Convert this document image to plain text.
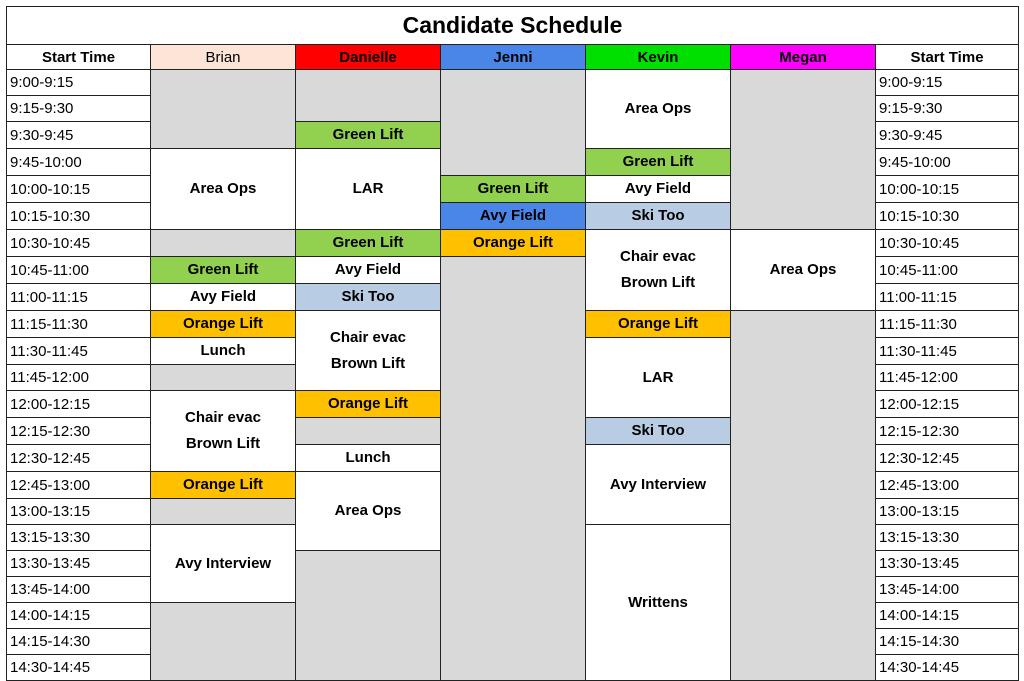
Candidate Schedule						
Start Time	Brian	Danielle	Jenni	Kevin	Megan	Start Time
9:00-9:15				Area Ops		9:00-9:15
9:15-9:30						9:15-9:30
9:30-9:45		Green Lift				9:30-9:45
9:45-10:00	Area Ops	LAR		Green Lift		9:45-10:00
10:00-10:15			Green Lift	Avy Field		10:00-10:15
10:15-10:30			Avy Field	Ski Too		10:15-10:30
10:30-10:45		Green Lift	Orange Lift	Chair evac Brown Lift	Area Ops	10:30-10:45
10:45-11:00	Green Lift	Avy Field				10:45-11:00
11:00-11:15	Avy Field	Ski Too				11:00-11:15
11:15-11:30	Orange Lift	Chair evac Brown Lift		Orange Lift		11:15-11:30
11:30-11:45	Lunch			LAR		11:30-11:45
11:45-12:00						11:45-12:00
12:00-12:15	Chair evac Brown Lift	Orange Lift				12:00-12:15
12:15-12:30				Ski Too		12:15-12:30
12:30-12:45		Lunch		Avy Interview		12:30-12:45
12:45-13:00	Orange Lift	Area Ops				12:45-13:00
13:00-13:15						13:00-13:15
13:15-13:30	Avy Interview			Writtens		13:15-13:30
13:30-13:45						13:30-13:45
13:45-14:00						13:45-14:00
14:00-14:15						14:00-14:15
14:15-14:30						14:15-14:30
14:30-14:45						14:30-14:45
